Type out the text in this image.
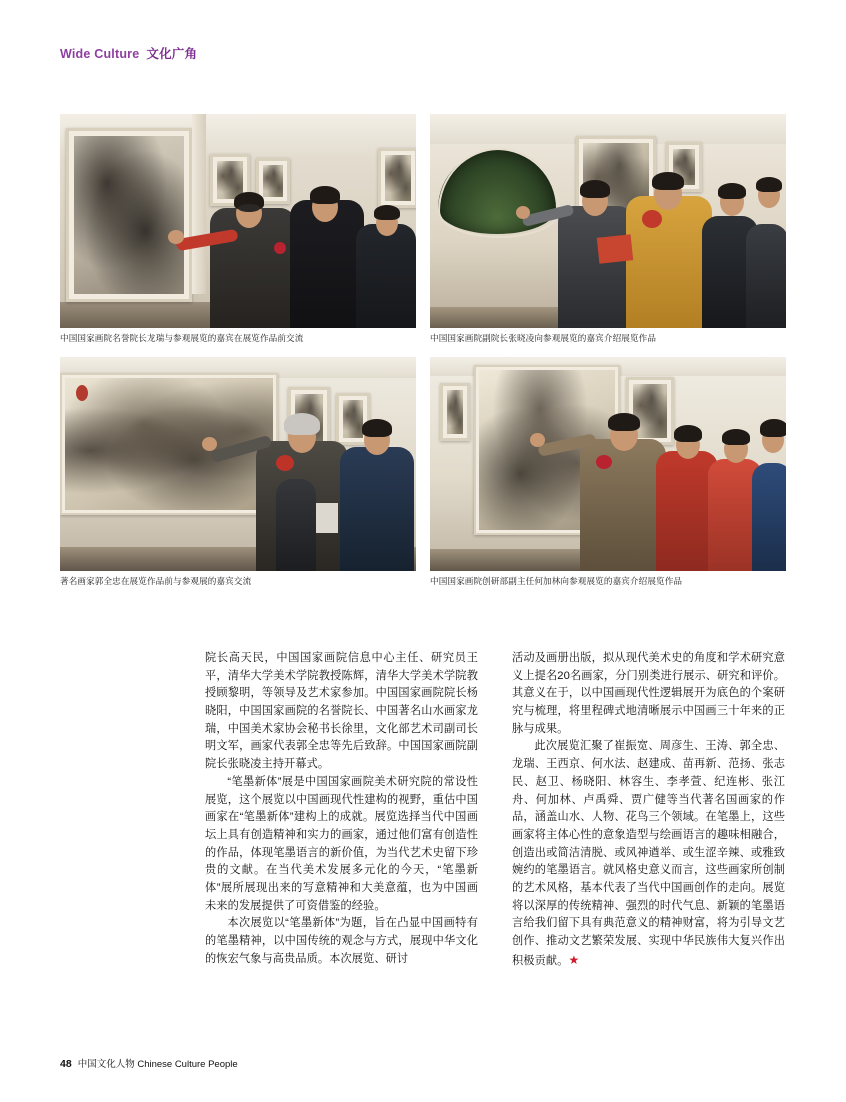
Wide Culture 文化广角
中国国家画院名誉院长龙瑞与参观展览的嘉宾在展览作品前交流	中国国家画院副院长张晓凌向参观展览的嘉宾介绍展览作品
著名画家郭全忠在展览作品前与参观展的嘉宾交流	中国国家画院创研部副主任何加林向参观展览的嘉宾介绍展览作品

院长高天民，中国国家画院信息中心主任、研究员王平，清华大学美术学院教授陈辉，清华大学美术学院教授顾黎明，等领导及艺术家参加。中国国家画院院长杨晓阳，中国国家画院的名誉院长、中国著名山水画家龙瑞，中国美术家协会秘书长徐里，文化部艺术司副司长明文军，画家代表郭全忠等先后致辞。中国国家画院副院长张晓凌主持开幕式。

“笔墨新体”展是中国国家画院美术研究院的常设性展览，这个展览以中国画现代性建构的视野，重估中国画家在“笔墨新体”建构上的成就。展览选择当代中国画坛上具有创造精神和实力的画家，通过他们富有创造性的作品，体现笔墨语言的新价值，为当代艺术史留下珍贵的文献。在当代美术发展多元化的今天，“笔墨新体”展所展现出来的写意精神和大美意蕴，也为中国画未来的发展提供了可资借鉴的经验。

本次展览以“笔墨新体”为题，旨在凸显中国画特有的笔墨精神，以中国传统的观念与方式，展现中华文化的恢宏气象与高贵品质。本次展览、研讨

活动及画册出版，拟从现代美术史的角度和学术研究意义上提名20名画家，分门别类进行展示、研究和评价。其意义在于，以中国画现代性逻辑展开为底色的个案研究与梳理，将里程碑式地清晰展示中国画三十年来的正脉与成果。

此次展览汇聚了崔振宽、周彦生、王涛、郭全忠、龙瑞、王西京、何水法、赵建成、苗再新、范扬、张志民、赵卫、杨晓阳、林容生、李孝萱、纪连彬、张江舟、何加林、卢禹舜、贾广健等当代著名国画家的作品，涵盖山水、人物、花鸟三个领域。在笔墨上，这些画家将主体心性的意象造型与绘画语言的趣味相融合，创造出或简洁清脱、或风神遒举、或生涩辛辣、或雅致婉约的笔墨语言。就风格史意义而言，这些画家所创制的艺术风格，基本代表了当代中国画创作的走向。展览将以深厚的传统精神、强烈的时代气息、新颖的笔墨语言给我们留下具有典范意义的精神财富，将为引导文艺创作、推动文艺繁荣发展、实现中华民族伟大复兴作出积极贡献。★

48 中国文化人物 Chinese Culture People
